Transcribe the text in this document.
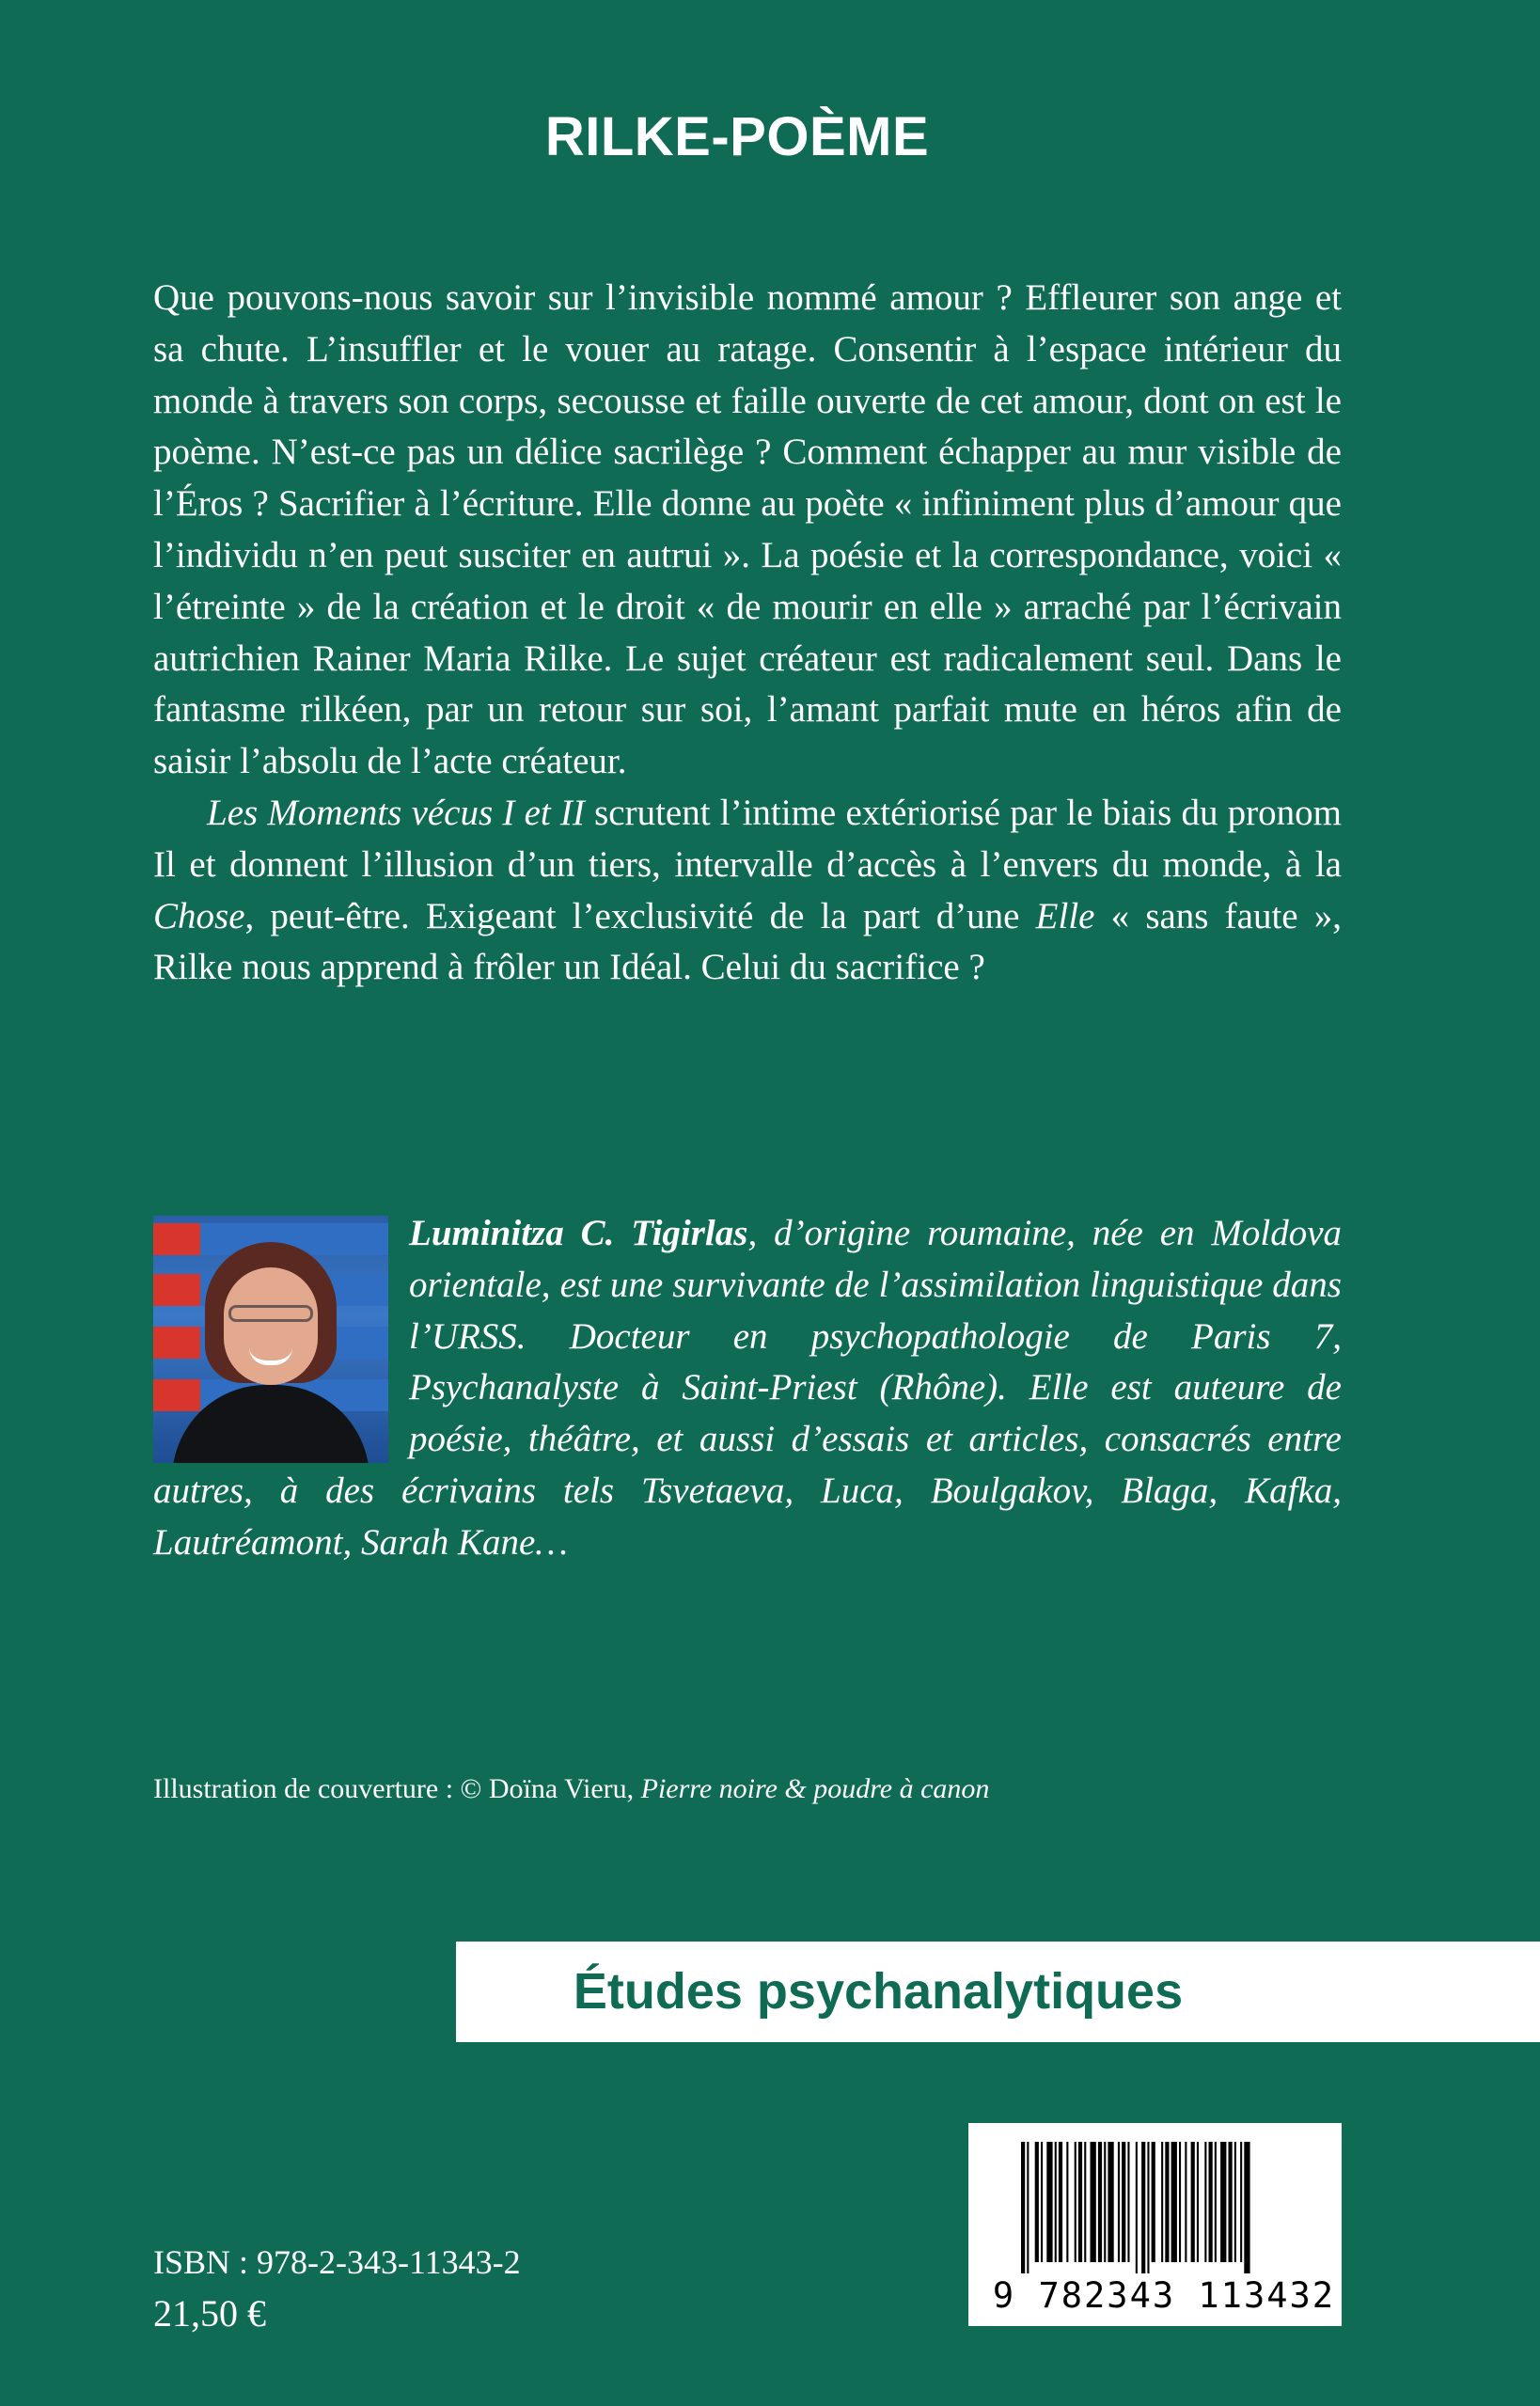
RILKE-POÈME

Que pouvons-nous savoir sur l’invisible nommé amour ? Effleurer son ange et sa chute. L’insuffler et le vouer au ratage. Consentir à l’espace intérieur du monde à travers son corps, secousse et faille ouverte de cet amour, dont on est le poème. N’est-ce pas un délice sacrilège ? Comment échapper au mur visible de l’Éros ? Sacrifier à l’écriture. Elle donne au poète « infiniment plus d’amour que l’individu n’en peut susciter en autrui ». La poésie et la correspondance, voici « l’étreinte » de la création et le droit « de mourir en elle » arraché par l’écrivain autrichien Rainer Maria Rilke. Le sujet créateur est radicalement seul. Dans le fantasme rilkéen, par un retour sur soi, l’amant parfait mute en héros afin de saisir l’absolu de l’acte créateur.

Les Moments vécus I et II scrutent l’intime extériorisé par le biais du pronom Il et donnent l’illusion d’un tiers, intervalle d’accès à l’envers du monde, à la Chose, peut-être. Exigeant l’exclusivité de la part d’une Elle « sans faute », Rilke nous apprend à frôler un Idéal. Celui du sacrifice ?

Luminitza C. Tigirlas, d’origine roumaine, née en Moldova orientale, est une survivante de l’assimilation linguistique dans l’URSS. Docteur en psychopathologie de Paris 7, Psychanalyste à Saint-Priest (Rhône). Elle est auteure de poésie, théâtre, et aussi d’essais et articles, consacrés entre autres, à des écrivains tels Tsvetaeva, Luca, Boulgakov, Blaga, Kafka, Lautréamont, Sarah Kane…
Illustration de couverture : © Doïna Vieru, Pierre noire & poudre à canon
Études psychanalytiques
ISBN : 978-2-343-11343-2
21,50 €	9 782343 113432
